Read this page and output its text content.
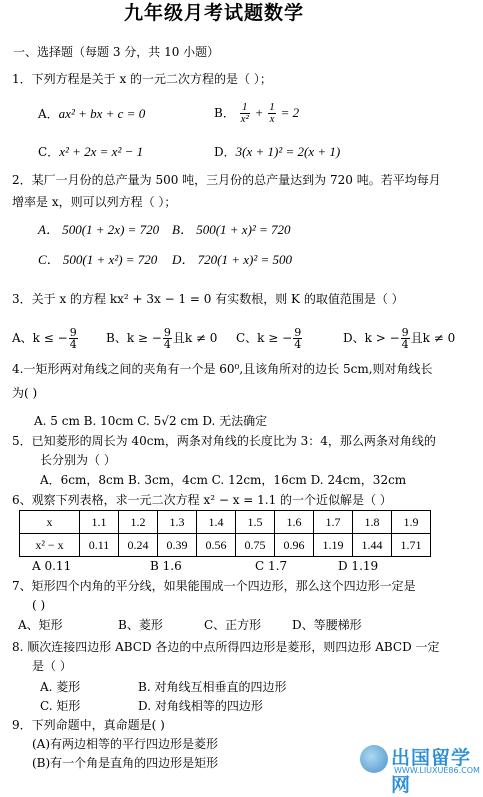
九年级月考试题数学
一、选择题（每题 3 分，共 10 小题）
1．下列方程是关于 x 的一元二次方程的是（ ）；
A．ax² + bx + c = 0	B． $\frac{1}{\text{x²}} + \frac{1}{x} = 2$
C．x² + 2x = x² − 1	D．3(x + 1)² = 2(x + 1)
2．某厂一月份的总产量为 500 吨，三月份的总产量达到为 720 吨。若平均每月
增率是 x，则可以列方程（ ）；
A． 500(1 + 2x) = 720 B． 500(1 + x)² = 720
C． 500(1 + x²) = 720 D． 720(1 + x)² = 500
3．关于 x 的方程 kx² + 3x − 1 = 0 有实数根，则 K 的取值范围是（ ）
A、k ≤ − $\frac{9}{4}$ B、k ≥ − $\frac{9}{4}$ 且k ≠ 0 C、k ≥ − $\frac{9}{4}$	D、k > − $\frac{9}{4}$ 且k ≠ 0
4.一矩形两对角线之间的夹角有一个是 60⁰,且该角所对的边长 5cm,则对角线长
为( )
A. 5 cm B. 10cm C. 5√2 cm D. 无法确定
5．已知菱形的周长为 40cm，两条对角线的长度比为 3：4，那么两条对角线的
长分别为（ ）
A．6cm，8cm B. 3cm，4cm C. 12cm，16cm D. 24cm，32cm
6、观察下列表格，求一元二次方程 x² − x = 1.1 的一个近似解是（ ）
x	1.1	1.2	1.3	1.4	1.5	1.6	1.7	1.8	1.9
x² − x	0.11	0.24	0.39	0.56	0.75	0.96	1.19	1.44	1.71
A 0.11	B 1.6	C 1.7	D 1.19
7、矩形四个内角的平分线，如果能围成一个四边形，那么这个四边形一定是
( )
A、矩形	B、菱形	C、正方形	D、等腰梯形
8. 顺次连接四边形 ABCD 各边的中点所得四边形是菱形，则四边形 ABCD 一定
是（ ）
A. 菱形	B. 对角线互相垂直的四边形
C. 矩形	D. 对角线相等的四边形
9．下列命题中，真命题是( )
(A)有两边相等的平行四边形是菱形
(B)有一个角是直角的四边形是矩形	出国留学网
WWW.LIUXUE86.COM
